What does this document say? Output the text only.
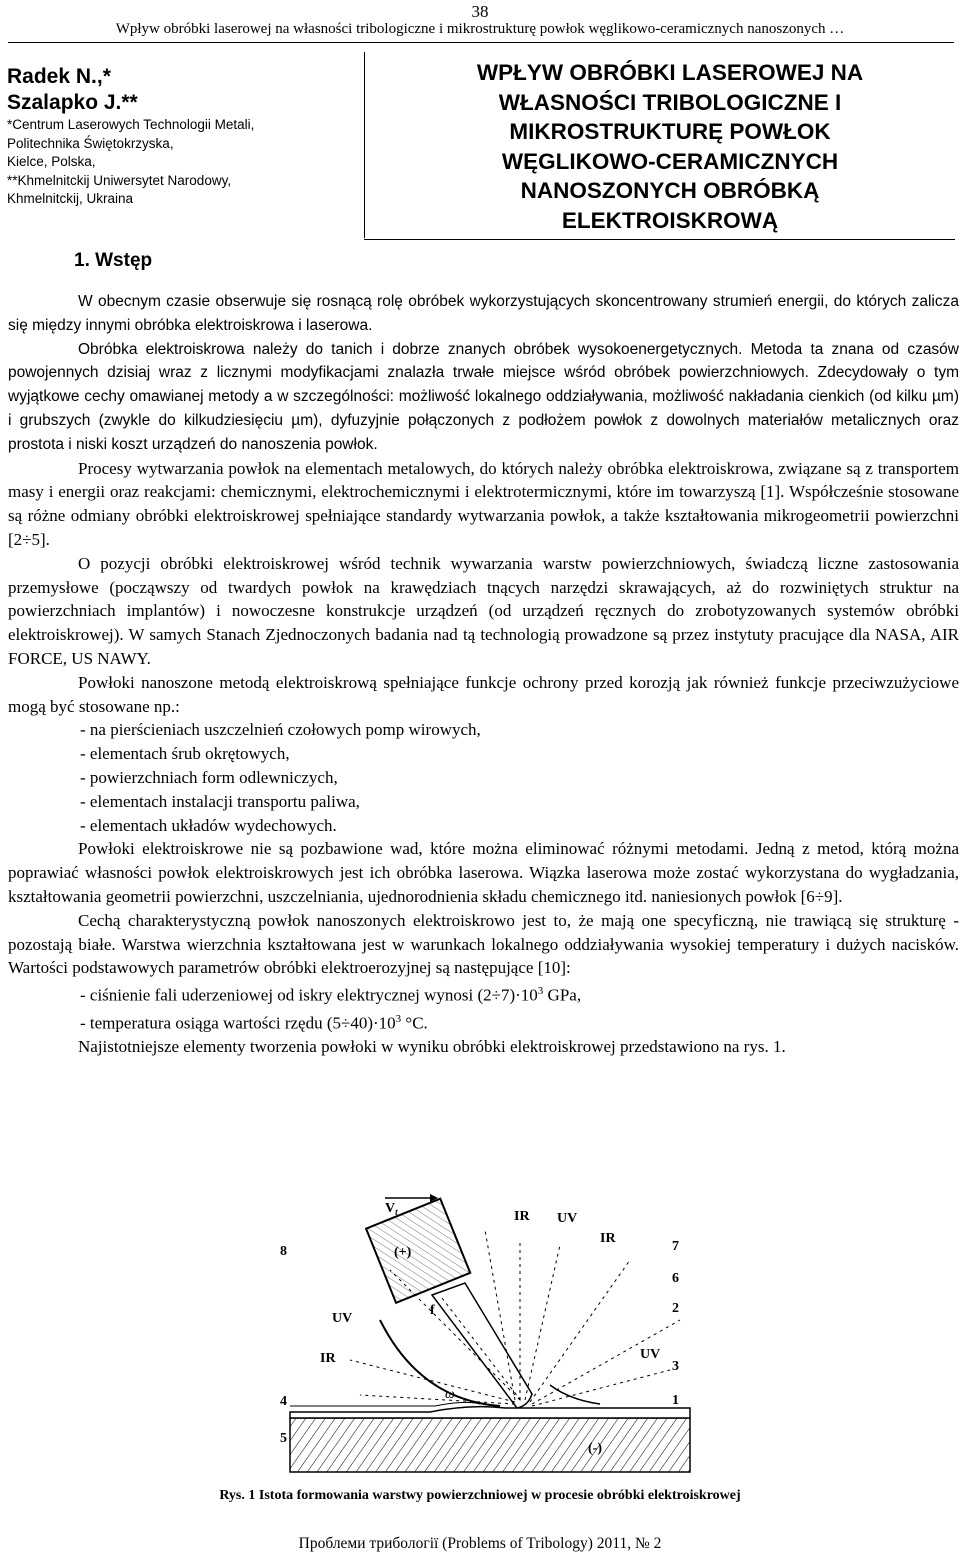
38
Wpływ obróbki laserowej na własności tribologiczne i mikrostrukturę powłok węglikowo-ceramicznych nanoszonych …
Radek N.,*
Szalapko J.**
*Centrum Laserowych Technologii Metali,
Politechnika Świętokrzyska,
Kielce, Polska,
**Khmelnitckij Uniwersytet Narodowy,
Khmelnitckij, Ukraina
WPŁYW OBRÓBKI LASEROWEJ NA
WŁASNOŚCI TRIBOLOGICZNE I
MIKROSTRUKTURĘ POWŁOK
WĘGLIKOWO-CERAMICZNYCH
NANOSZONYCH OBRÓBKĄ
ELEKTROISKROWĄ
1. Wstęp

W obecnym czasie obserwuje się rosnącą rolę obróbek wykorzystujących skoncentrowany strumień energii, do których zalicza się między innymi obróbka elektroiskrowa i laserowa.

Obróbka elektroiskrowa należy do tanich i dobrze znanych obróbek wysokoenergetycznych. Metoda ta znana od czasów powojennych dzisiaj wraz z licznymi modyfikacjami znalazła trwałe miejsce wśród obróbek powierzchniowych. Zdecydowały o tym wyjątkowe cechy omawianej metody a w szczególności: możliwość lokalnego oddziaływania, możliwość nakładania cienkich (od kilku µm) i grubszych (zwykle do kilkudziesięciu µm), dyfuzyjnie połączonych z podłożem powłok z dowolnych materiałów metalicznych oraz prostota i niski koszt urządzeń do nanoszenia powłok.

Procesy wytwarzania powłok na elementach metalowych, do których należy obróbka elektroiskrowa, związane są z transportem masy i energii oraz reakcjami: chemicznymi, elektrochemicznymi i elektrotermicznymi, które im towarzyszą [1]. Współcześnie stosowane są różne odmiany obróbki elektroiskrowej spełniające standardy wytwarzania powłok, a także kształtowania mikrogeometrii powierzchni [2÷5].

O pozycji obróbki elektroiskrowej wśród technik wywarzania warstw powierzchniowych, świadczą liczne zastosowania przemysłowe (począwszy od twardych powłok na krawędziach tnących narzędzi skrawających, aż do rozwiniętych struktur na powierzchniach implantów) i nowoczesne konstrukcje urządzeń (od urządzeń ręcznych do zrobotyzowanych systemów obróbki elektroiskrowej). W samych Stanach Zjednoczonych badania nad tą technologią prowadzone są przez instytuty pracujące dla NASA, AIR FORCE, US NAWY.

Powłoki nanoszone metodą elektroiskrową spełniające funkcje ochrony przed korozją jak również funkcje przeciwzużyciowe mogą być stosowane np.:

- na pierścieniach uszczelnień czołowych pomp wirowych,
- elementach śrub okrętowych,
- powierzchniach form odlewniczych,
- elementach instalacji transportu paliwa,
- elementach układów wydechowych.

Powłoki elektroiskrowe nie są pozbawione wad, które można eliminować różnymi metodami. Jedną z metod, którą można poprawiać własności powłok elektroiskrowych jest ich obróbka laserowa. Wiązka laserowa może zostać wykorzystana do wygładzania, kształtowania geometrii powierzchni, uszczelniania, ujednorodnienia składu chemicznego itd. naniesionych powłok [6÷9].

Cechą charakterystyczną powłok nanoszonych elektroiskrowo jest to, że mają one specyficzną, nie trawiącą się strukturę - pozostają białe. Warstwa wierzchnia kształtowana jest w warunkach lokalnego oddziaływania wysokiej temperatury i dużych nacisków. Wartości podstawowych parametrów obróbki elektroerozyjnej są następujące [10]:

- ciśnienie fali uderzeniowej od iskry elektrycznej wynosi $(2\div 7)\cdot 10^3$ GPa,
- temperatura osiąga wartości rzędu $(5\div 40)\cdot 10^3$ °C.

Najistotniejsze elementy tworzenia powłoki w wyniku obróbki elektroiskrowej przedstawiono na rys. 1.

$V_t$
(+)
f
ω
(-)
IR UV
IR
UV
IR	UV
8	7
6
2
3
1
4
5
Rys. 1 Istota formowania warstwy powierzchniowej w procesie obróbki elektroiskrowej
Проблеми трибології (Problems of Tribology) 2011, № 2
